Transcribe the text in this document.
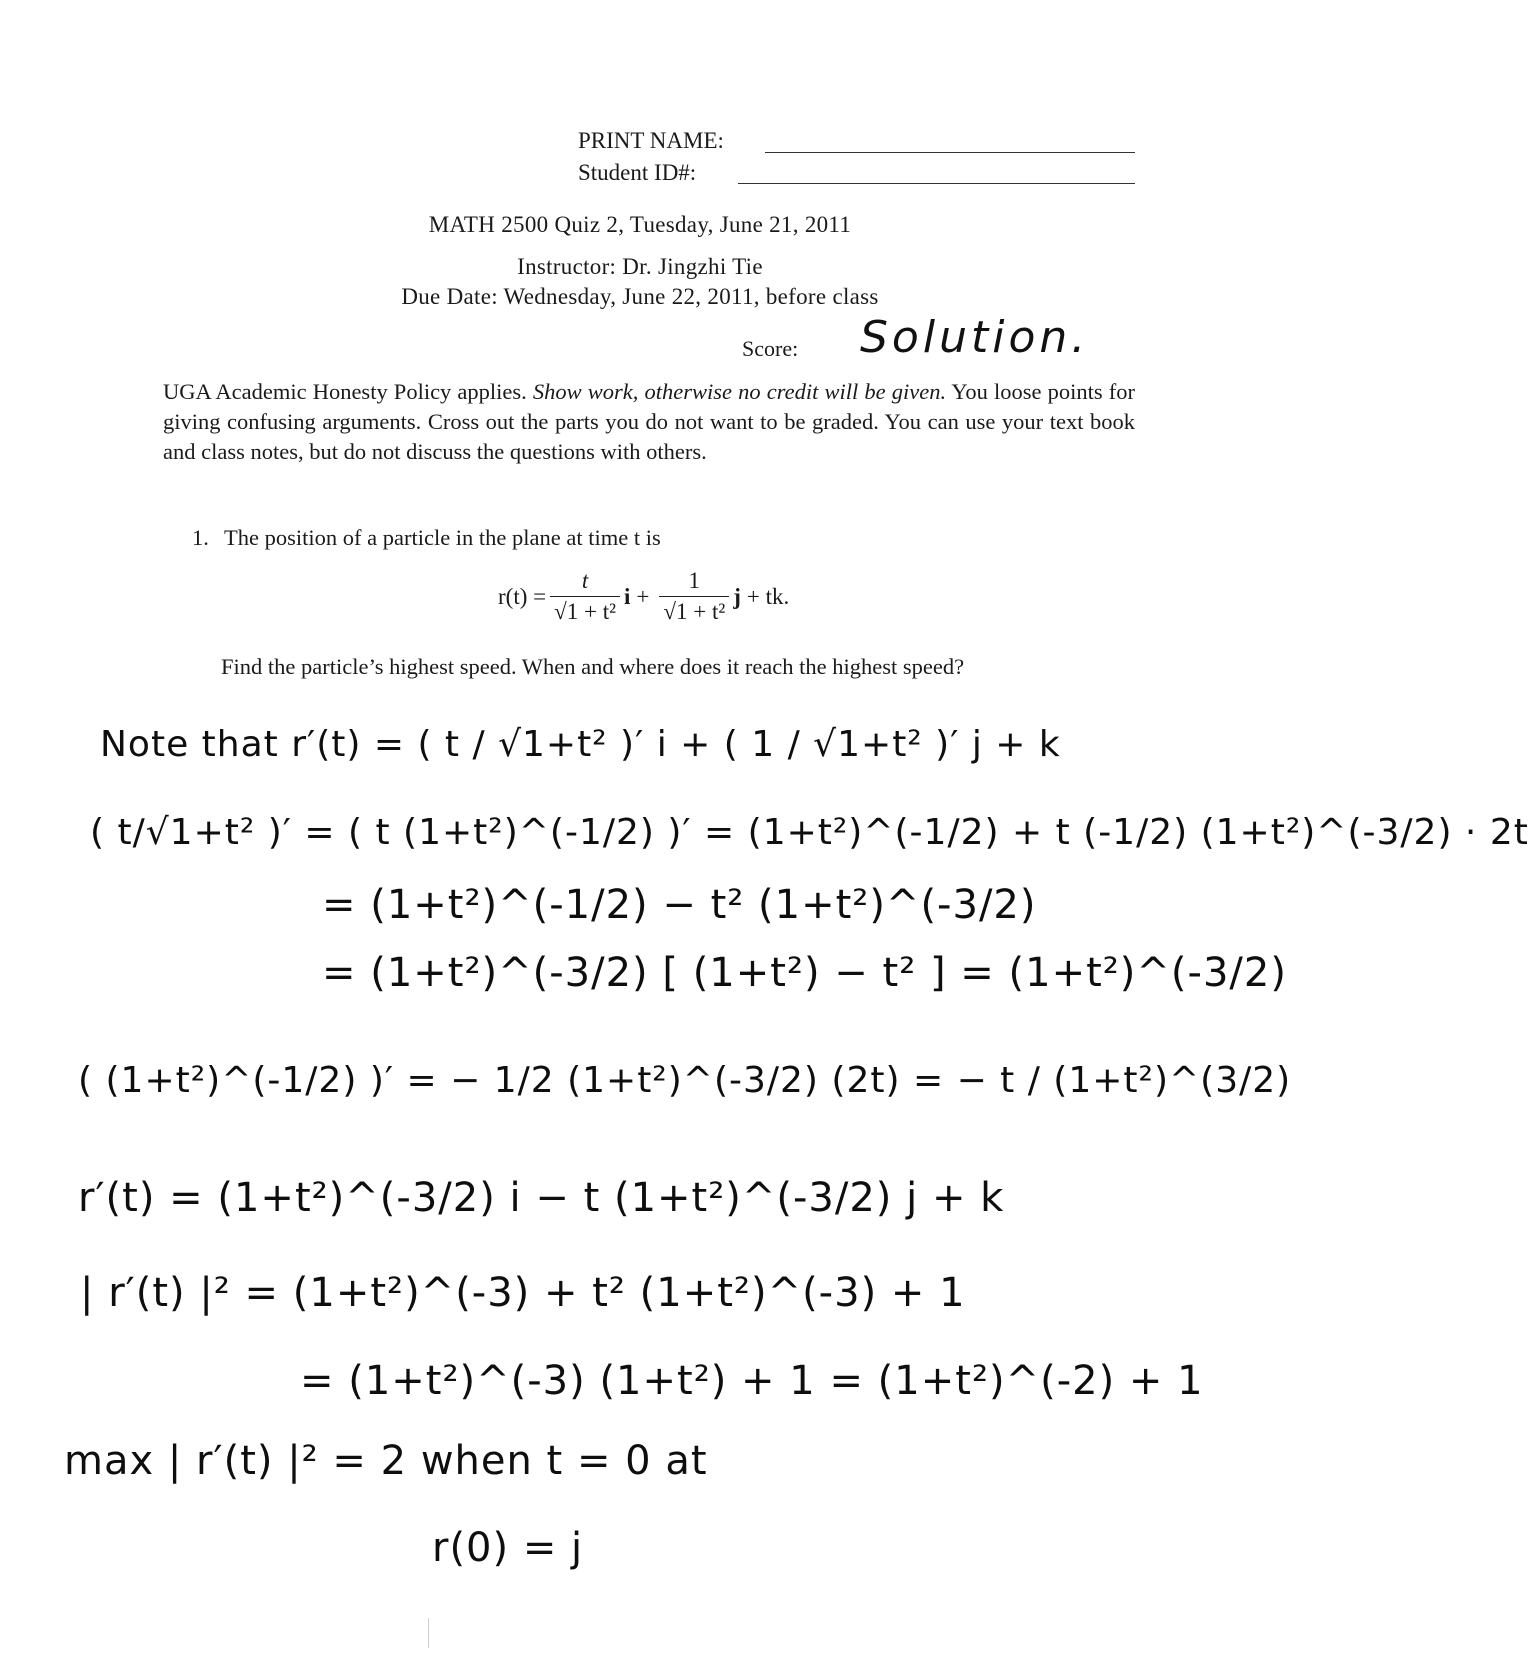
PRINT NAME:
Student ID#:
MATH 2500 Quiz 2, Tuesday, June 21, 2011
Instructor: Dr. Jingzhi Tie
Due Date: Wednesday, June 22, 2011, before class
Score: Solution.
UGA Academic Honesty Policy applies. Show work, otherwise no credit will be given. You loose points for giving confusing arguments. Cross out the parts you do not want to be graded. You can use your text book and class notes, but do not discuss the questions with others.
1. The position of a particle in the plane at time t is
$r(t) = \frac{t}{\text{√1 + t²}}$ $i + \frac{1}{\text{√1 + t²}}$ j + tk.
Find the particle’s highest speed. When and where does it reach the highest speed?
Note that r′(t) = ( t / √1+t² )′ i + ( 1 / √1+t² )′ j + k
( t/√1+t² )′ = ( t (1+t²)^(-1/2) )′ = (1+t²)^(-1/2) + t (-1/2) (1+t²)^(-3/2) · 2t
= (1+t²)^(-1/2) − t² (1+t²)^(-3/2)
= (1+t²)^(-3/2) [ (1+t²) − t² ] = (1+t²)^(-3/2)
( (1+t²)^(-1/2) )′ = − 1/2 (1+t²)^(-3/2) (2t) = − t / (1+t²)^(3/2)
r′(t) = (1+t²)^(-3/2) i − t (1+t²)^(-3/2) j + k
| r′(t) |² = (1+t²)^(-3) + t² (1+t²)^(-3) + 1
= (1+t²)^(-3) (1+t²) + 1 = (1+t²)^(-2) + 1
max | r′(t) |² = 2 when t = 0 at
r(0) = j
